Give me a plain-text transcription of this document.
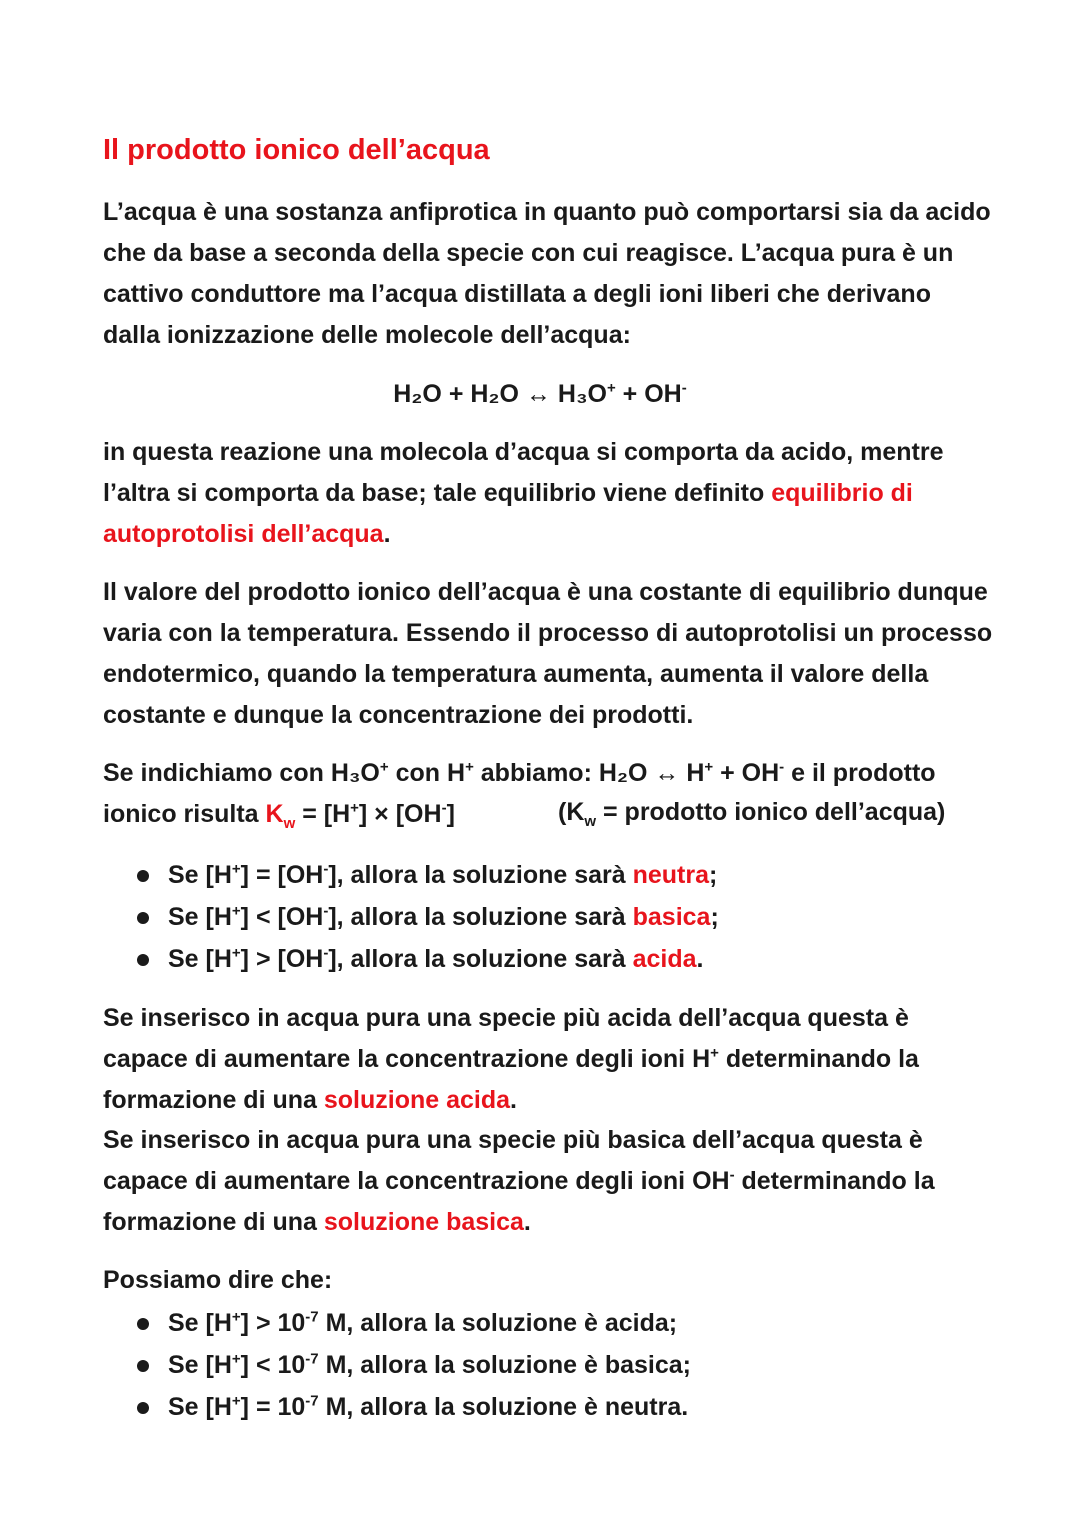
Il prodotto ionico dell’acqua

L’acqua è una sostanza anfiprotica in quanto può comportarsi sia da acido che da base a seconda della specie con cui reagisce. L’acqua pura è un cattivo conduttore ma l’acqua distillata a degli ioni liberi che derivano dalla ionizzazione delle molecole dell’acqua:

H₂O + H₂O ↔ H₃O+ + OH-

in questa reazione una molecola d’acqua si comporta da acido, mentre l’altra si comporta da base; tale equilibrio viene definito equilibrio di autoprotolisi dell’acqua.

Il valore del prodotto ionico dell’acqua è una costante di equilibrio dunque varia con la temperatura. Essendo il processo di autoprotolisi un processo endotermico, quando la temperatura aumenta, aumenta il valore della costante e dunque la concentrazione dei prodotti.

Se indichiamo con H₃O+ con H+ abbiamo: H₂O ↔ H+ + OH- e il prodotto ionico risulta $K_w = [H^+] \times [OH^-]$	($K_w$ = prodotto ionico dell’acqua)
Se [H+] = [OH-], allora la soluzione sarà neutra;
Se [H+] < [OH-], allora la soluzione sarà basica;
Se [H+] > [OH-], allora la soluzione sarà acida.

Se inserisco in acqua pura una specie più acida dell’acqua questa è capace di aumentare la concentrazione degli ioni H+ determinando la formazione di una soluzione acida.

Se inserisco in acqua pura una specie più basica dell’acqua questa è capace di aumentare la concentrazione degli ioni OH- determinando la formazione di una soluzione basica.

Possiamo dire che:

Se $[H^+] > 10^{-7}$ M, allora la soluzione è acida;
Se $[H^+] < 10^{-7}$ M, allora la soluzione è basica;
Se $[H^+] = 10^{-7}$ M, allora la soluzione è neutra.
